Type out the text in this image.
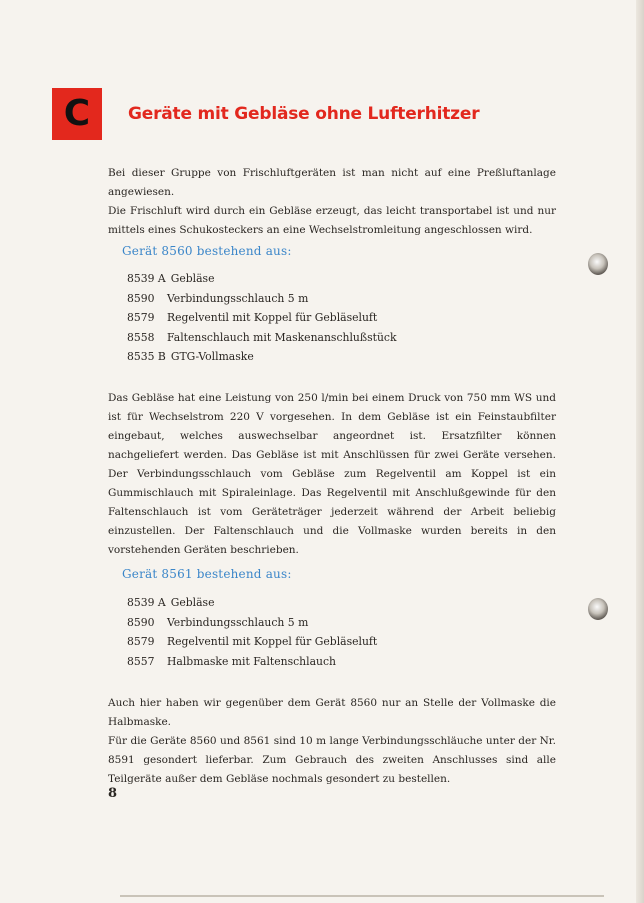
C Geräte mit Gebläse ohne Lufterhitzer

Bei dieser Gruppe von Frischluftgeräten ist man nicht auf eine Preßluftanlage angewiesen.

Die Frischluft wird durch ein Gebläse erzeugt, das leicht transportabel ist und nur mittels eines Schukosteckers an eine Wechselstromleitung angeschlossen wird.

Gerät 8560 bestehend aus:
8539 A Gebläse
8590	Verbindungsschlauch 5 m
8579	Regelventil mit Koppel für Gebläseluft
8558	Faltenschlauch mit Maskenanschlußstück
8535 B GTG-Vollmaske

Das Gebläse hat eine Leistung von 250 l/min bei einem Druck von 750 mm WS und ist für Wechselstrom 220 V vorgesehen. In dem Gebläse ist ein Feinstaubfilter eingebaut, welches auswechselbar angeordnet ist. Ersatzfilter können nachgeliefert werden. Das Gebläse ist mit Anschlüssen für zwei Geräte versehen. Der Verbindungsschlauch vom Gebläse zum Regelventil am Koppel ist ein Gummischlauch mit Spiraleinlage. Das Regelventil mit Anschlußgewinde für den Faltenschlauch ist vom Geräteträger jederzeit während der Arbeit beliebig einzustellen. Der Faltenschlauch und die Vollmaske wurden bereits in den vorstehenden Geräten beschrieben.

Gerät 8561 bestehend aus:
8539 A Gebläse
8590	Verbindungsschlauch 5 m
8579	Regelventil mit Koppel für Gebläseluft
8557	Halbmaske mit Faltenschlauch

Auch hier haben wir gegenüber dem Gerät 8560 nur an Stelle der Vollmaske die Halbmaske.

Für die Geräte 8560 und 8561 sind 10 m lange Verbindungsschläuche unter der Nr. 8591 gesondert lieferbar. Zum Gebrauch des zweiten Anschlusses sind alle Teilgeräte außer dem Gebläse nochmals gesondert zu bestellen.

8
